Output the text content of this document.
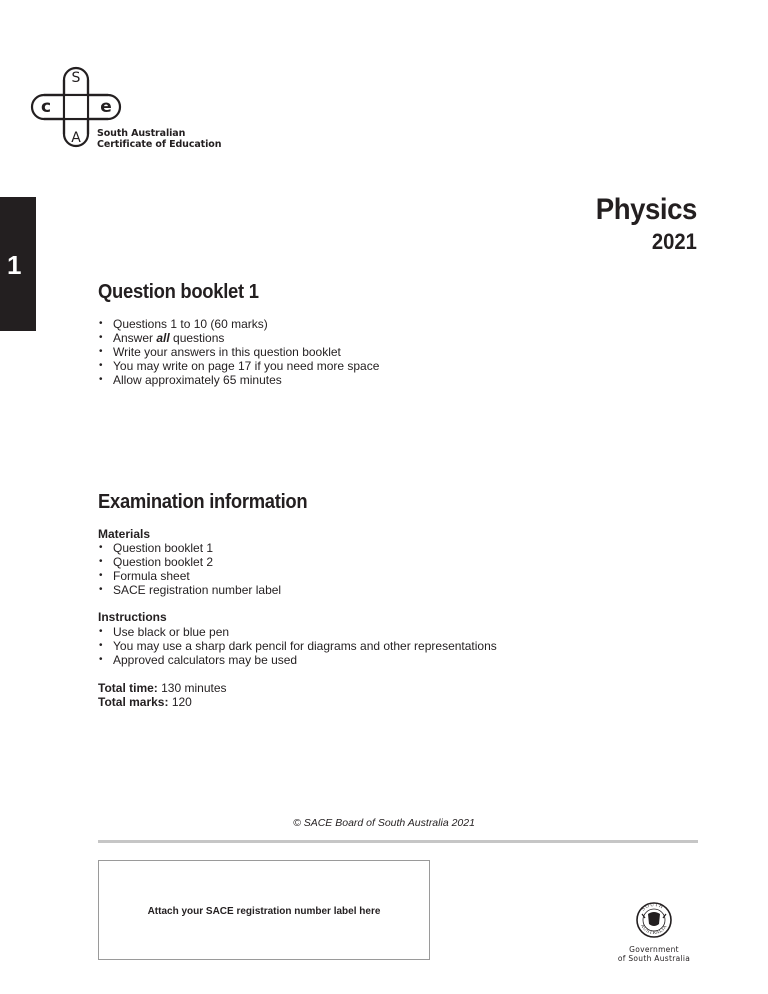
S
c	e
A South Australian
Certificate of Education
1
Physics
2021
Question booklet 1
• Questions 1 to 10 (60 marks)
• Answer all questions
• Write your answers in this question booklet
• You may write on page 17 if you need more space
• Allow approximately 65 minutes
Examination information
Materials
• Question booklet 1
• Question booklet 2
• Formula sheet
• SACE registration number label
Instructions
• Use black or blue pen
• You may use a sharp dark pencil for diagrams and other representations
• Approved calculators may be used
Total time: 130 minutes
Total marks: 120
© SACE Board of South Australia 2021
Attach your SACE registration number label here	SOUTH
AUSTRALIA
Government
of South Australia
